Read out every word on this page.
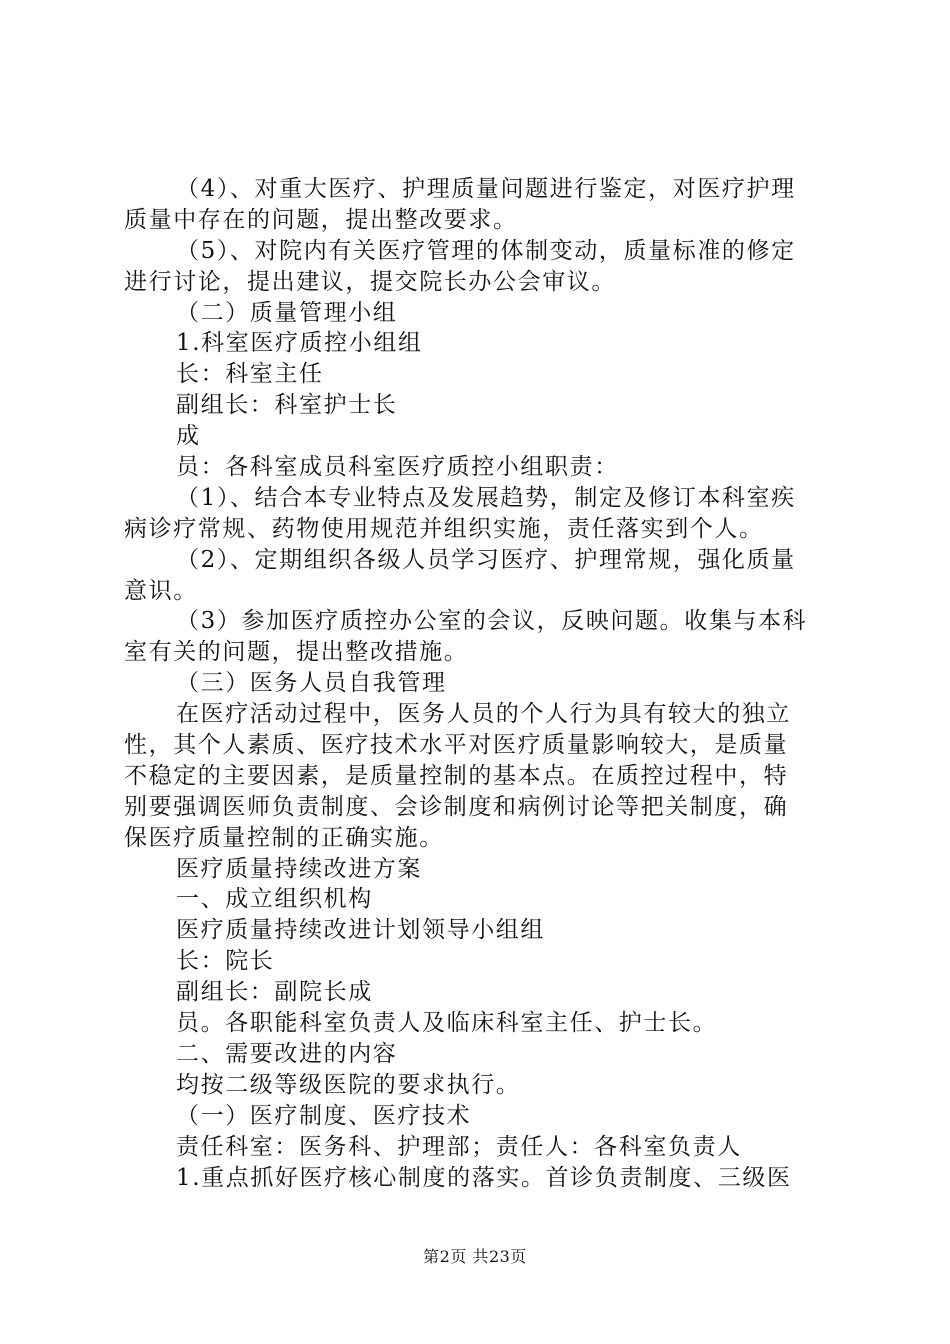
（4）、对重大医疗、护理质量问题进行鉴定，对医疗护理
质量中存在的问题，提出整改要求。
（5）、对院内有关医疗管理的体制变动，质量标准的修定
进行讨论，提出建议，提交院长办公会审议。
（二）质量管理小组
1.科室医疗质控小组组
长：科室主任
副组长：科室护士长
成
员：各科室成员科室医疗质控小组职责：
（1）、结合本专业特点及发展趋势，制定及修订本科室疾
病诊疗常规、药物使用规范并组织实施，责任落实到个人。
（2）、定期组织各级人员学习医疗、护理常规，强化质量
意识。
（3）参加医疗质控办公室的会议，反映问题。收集与本科
室有关的问题，提出整改措施。
（三）医务人员自我管理
在医疗活动过程中，医务人员的个人行为具有较大的独立
性，其个人素质、医疗技术水平对医疗质量影响较大，是质量
不稳定的主要因素，是质量控制的基本点。在质控过程中，特
别要强调医师负责制度、会诊制度和病例讨论等把关制度，确
保医疗质量控制的正确实施。
医疗质量持续改进方案
一、成立组织机构
医疗质量持续改进计划领导小组组
长：院长
副组长：副院长成
员。各职能科室负责人及临床科室主任、护士长。
二、需要改进的内容
均按二级等级医院的要求执行。
（一）医疗制度、医疗技术
责任科室：医务科、护理部；责任人：各科室负责人
1.重点抓好医疗核心制度的落实。首诊负责制度、三级医
第2页 共23页
